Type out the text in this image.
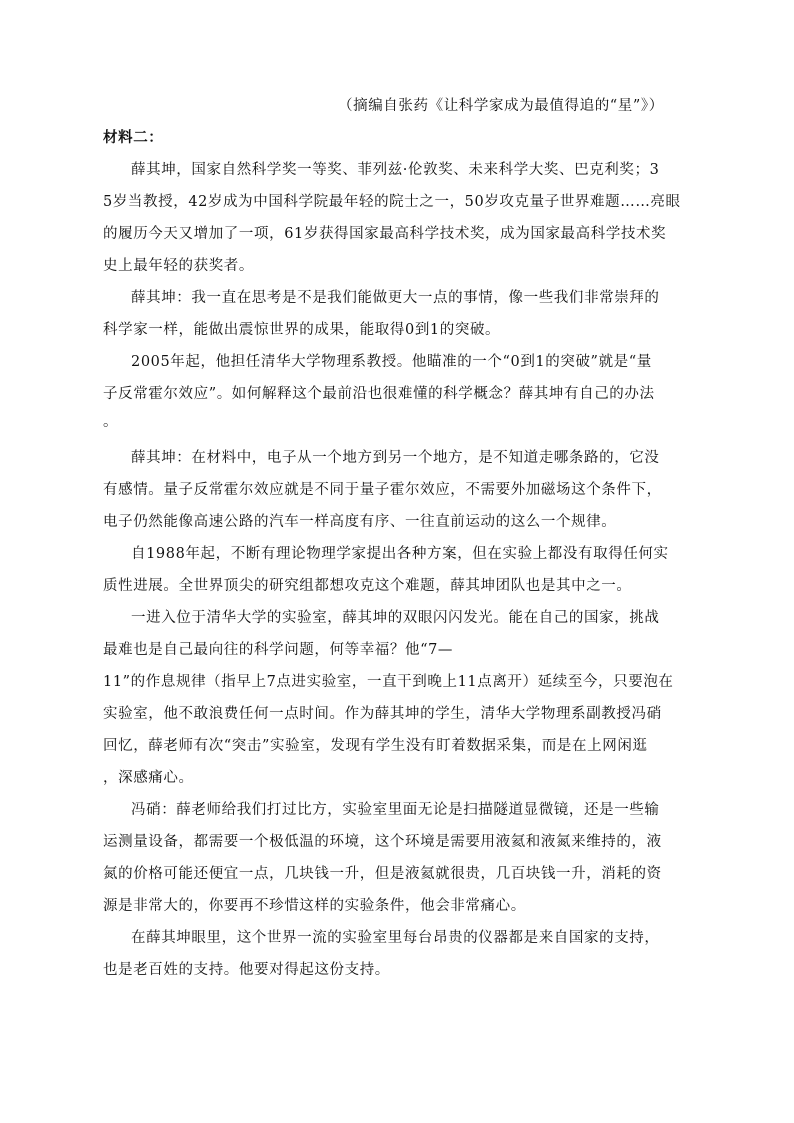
（摘编自张药《让科学家成为最值得追的“星”》）
材料二：
薛其坤，国家自然科学奖一等奖、菲列兹·伦敦奖、未来科学大奖、巴克利奖；3
5岁当教授，42岁成为中国科学院最年轻的院士之一，50岁攻克量子世界难题……亮眼
的履历今天又增加了一项，61岁获得国家最高科学技术奖，成为国家最高科学技术奖
史上最年轻的获奖者。
薛其坤：我一直在思考是不是我们能做更大一点的事情，像一些我们非常崇拜的
科学家一样，能做出震惊世界的成果，能取得0到1的突破。
2005年起，他担任清华大学物理系教授。他瞄准的一个“0到1的突破”就是“量
子反常霍尔效应”。如何解释这个最前沿也很难懂的科学概念？薛其坤有自己的办法
。
薛其坤：在材料中，电子从一个地方到另一个地方，是不知道走哪条路的，它没
有感情。量子反常霍尔效应就是不同于量子霍尔效应，不需要外加磁场这个条件下，
电子仍然能像高速公路的汽车一样高度有序、一往直前运动的这么一个规律。
自1988年起，不断有理论物理学家提出各种方案，但在实验上都没有取得任何实
质性进展。全世界顶尖的研究组都想攻克这个难题，薛其坤团队也是其中之一。
一进入位于清华大学的实验室，薛其坤的双眼闪闪发光。能在自己的国家，挑战
最难也是自己最向往的科学问题，何等幸福？他“7—
11”的作息规律（指早上7点进实验室，一直干到晚上11点离开）延续至今，只要泡在
实验室，他不敢浪费任何一点时间。作为薛其坤的学生，清华大学物理系副教授冯硝
回忆，薛老师有次“突击”实验室，发现有学生没有盯着数据采集，而是在上网闲逛
，深感痛心。
冯硝：薛老师给我们打过比方，实验室里面无论是扫描隧道显微镜，还是一些输
运测量设备，都需要一个极低温的环境，这个环境是需要用液氦和液氮来维持的，液
氮的价格可能还便宜一点，几块钱一升，但是液氦就很贵，几百块钱一升，消耗的资
源是非常大的，你要再不珍惜这样的实验条件，他会非常痛心。
在薛其坤眼里，这个世界一流的实验室里每台昂贵的仪器都是来自国家的支持，
也是老百姓的支持。他要对得起这份支持。
